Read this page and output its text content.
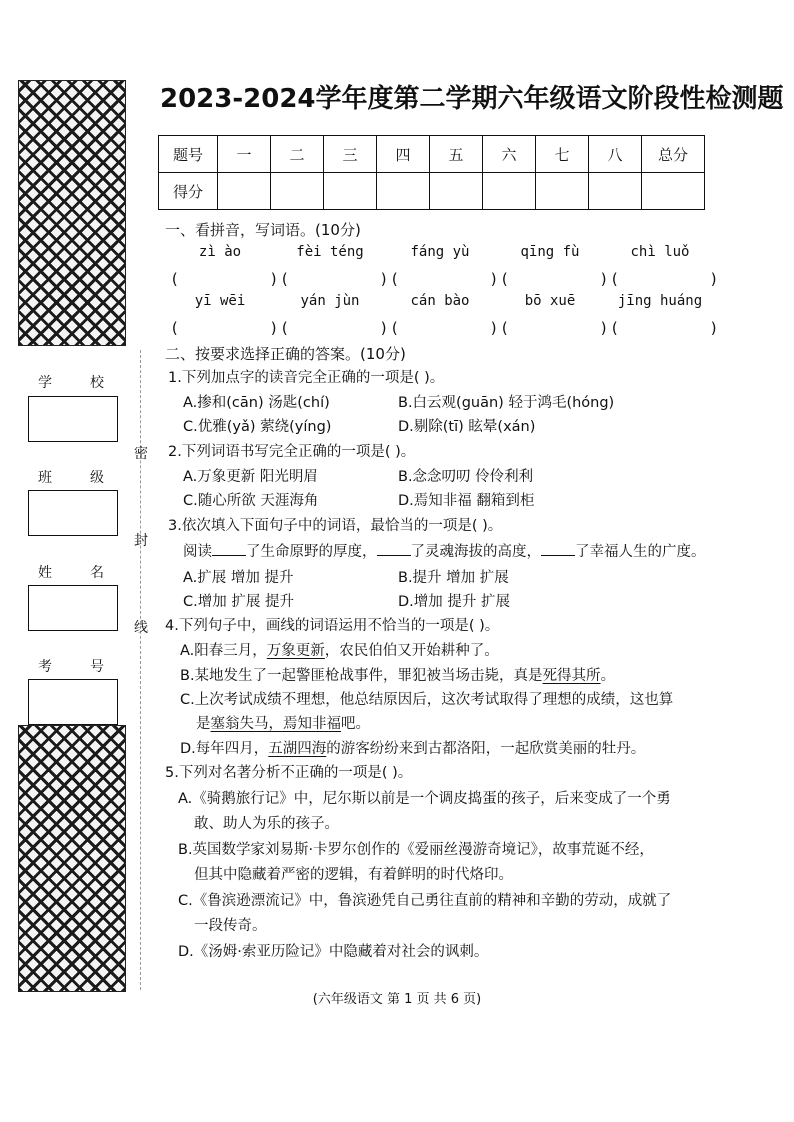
学	校
班	级
姓	名
考	号
密
封
线
2023-2024学年度第二学期六年级语文阶段性检测题
题号	一	二	三	四	五	六	七	八	总分
得分									
一、看拼音，写词语。(10分)
zì ào
(          )
fèi téng
(          )
fáng yù
(          )
qīng fù
(          )
chì luǒ
(          )
yī wēi
(          )
yán jùn
(          )
cán bào
(          )
bō xuē
(          )
jīng huáng
(          )
二、按要求选择正确的答案。(10分)
1.下列加点字的读音完全正确的一项是( )。
A.掺和(cān) 汤匙(chí)	B.白云观(guān) 轻于鸿毛(hóng)
C.优雅(yǎ) 萦绕(yíng)	D.剔除(tī) 眩晕(xán)
2.下列词语书写完全正确的一项是( )。
A.万象更新 阳光明眉	B.念念叨叨 伶伶利利
C.随心所欲 天涯海角	D.焉知非福 翻箱到柜
3.依次填入下面句子中的词语，最恰当的一项是( )。
阅读 了生命原野的厚度， 了灵魂海拔的高度， 了幸福人生的广度。
A.扩展 增加 提升	B.提升 增加 扩展
C.增加 扩展 提升	D.增加 提升 扩展
4.下列句子中，画线的词语运用不恰当的一项是( )。
A.阳春三月，万象更新，农民伯伯又开始耕种了。
B.某地发生了一起警匪枪战事件，罪犯被当场击毙，真是死得其所。
C.上次考试成绩不理想，他总结原因后，这次考试取得了理想的成绩，这也算
是塞翁失马，焉知非福吧。
D.每年四月，五湖四海的游客纷纷来到古都洛阳，一起欣赏美丽的牡丹。
5.下列对名著分析不正确的一项是( )。
A.《骑鹅旅行记》中，尼尔斯以前是一个调皮捣蛋的孩子，后来变成了一个勇
敢、助人为乐的孩子。
B.英国数学家刘易斯·卡罗尔创作的《爱丽丝漫游奇境记》，故事荒诞不经，
但其中隐藏着严密的逻辑，有着鲜明的时代烙印。
C.《鲁滨逊漂流记》中，鲁滨逊凭自己勇往直前的精神和辛勤的劳动，成就了
一段传奇。
D.《汤姆·索亚历险记》中隐藏着对社会的讽刺。
(六年级语文 第 1 页 共 6 页)
